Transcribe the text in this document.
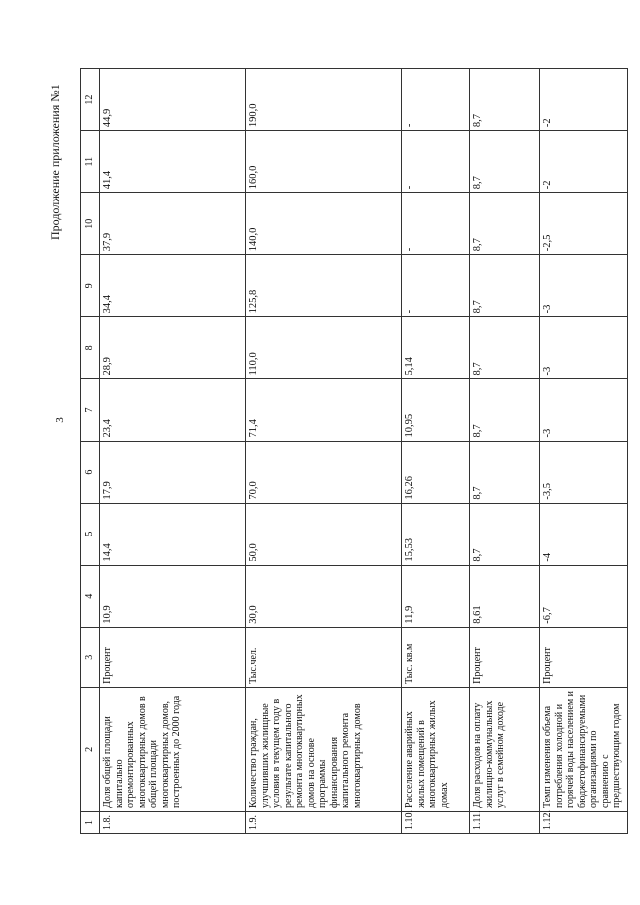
3
Продолжение приложения №1
1	2	3	4	5	6	7	8	9	10	11	12
1.8.	Доля общей площади капитально отремонтированных многоквартирных домов в общей площади многоквартирных домов, построенных до 2000 года	Процент	10,9	14,4	17,9	23,4	28,9	34,4	37,9	41,4	44,9
1.9.	Количество граждан, улучшивших жилищные условия в текущем году в результате капитального ремонта многоквартирных домов на основе программы финансирования капитального ремонта многоквартирных домов	Тыс.чел.	30,0	50,0	70,0	71,4	110,0	125,8	140,0	160,0	190,0
1.10.	Расселение аварийных жилых помещений в многоквартирных жилых домах	Тыс. кв.м	11,9	15,53	16,26	10,95	5,14	-	-	-	-
1.11.	Доля расходов на оплату жилищно-коммунальных услуг в семейном доходе	Процент	8,61	8,7	8,7	8,7	8,7	8,7	8,7	8,7	8,7
1.12.	Темп изменения объема потребления холодной и горячей воды населением и бюджетофинансируемыми организациями по сравнению с предшествующим годом	Процент	-6,7	-4	-3,5	-3	-3	-3	-2,5	-2	-2
